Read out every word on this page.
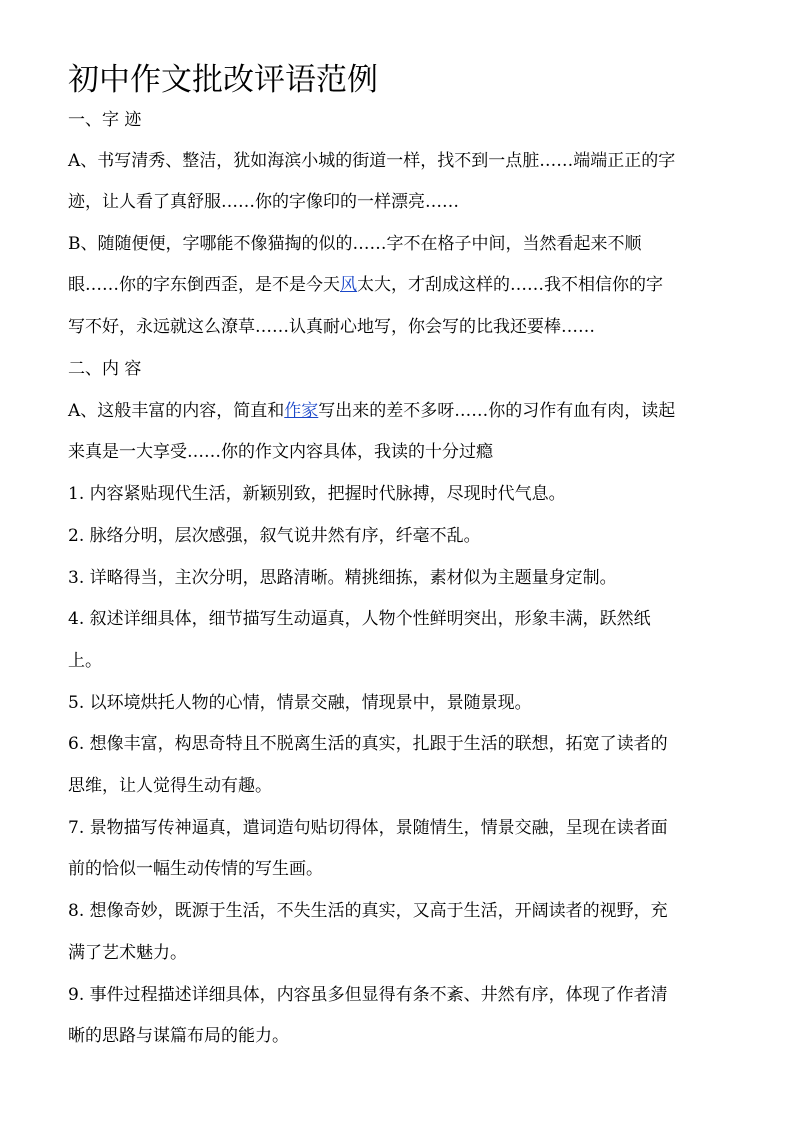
初中作文批改评语范例
一、字 迹
A、书写清秀、整洁，犹如海滨小城的街道一样，找不到一点脏……端端正正的字
迹，让人看了真舒服……你的字像印的一样漂亮……
B、随随便便，字哪能不像猫掏的似的……字不在格子中间，当然看起来不顺
眼……你的字东倒西歪，是不是今天风太大，才刮成这样的……我不相信你的字
写不好，永远就这么潦草……认真耐心地写，你会写的比我还要棒……
二、内 容
A、这般丰富的内容，简直和作家写出来的差不多呀……你的习作有血有肉，读起
来真是一大享受……你的作文内容具体，我读的十分过瘾
1. 内容紧贴现代生活，新颖别致，把握时代脉搏，尽现时代气息。
2. 脉络分明，层次感强，叙气说井然有序，纤毫不乱。
3. 详略得当，主次分明，思路清晰。精挑细拣，素材似为主题量身定制。
4. 叙述详细具体，细节描写生动逼真，人物个性鲜明突出，形象丰满，跃然纸
上。
5. 以环境烘托人物的心情，情景交融，情现景中，景随景现。
6. 想像丰富，构思奇特且不脱离生活的真实，扎跟于生活的联想，拓宽了读者的
思维，让人觉得生动有趣。
7. 景物描写传神逼真，遣词造句贴切得体，景随情生，情景交融，呈现在读者面
前的恰似一幅生动传情的写生画。
8. 想像奇妙，既源于生活，不失生活的真实，又高于生活，开阔读者的视野，充
满了艺术魅力。
9. 事件过程描述详细具体，内容虽多但显得有条不紊、井然有序，体现了作者清
晰的思路与谋篇布局的能力。
